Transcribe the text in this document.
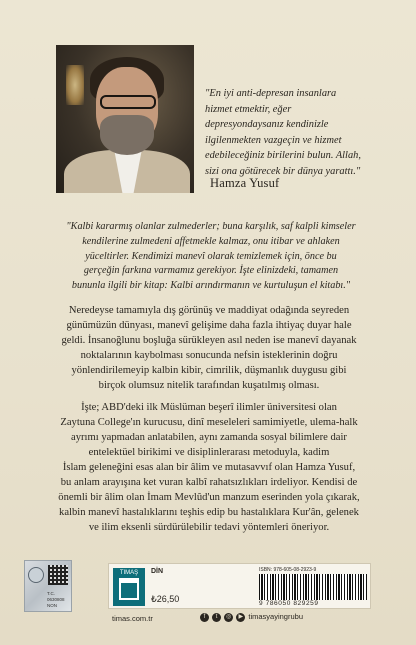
"En iyi anti-depresan insanlara
hizmet etmektir, eğer
depresyondaysanız kendinizle
ilgilenmekten vazgeçin ve hizmet
edebileceğiniz birilerini bulun. Allah,
sizi ona götürecek bir dünya yarattı."
Hamza Yusuf
"Kalbi kararmış olanlar zulmederler; buna karşılık, saf kalpli kimseler
kendilerine zulmedeni affetmekle kalmaz, onu itibar ve ahlaken
yüceltirler. Kendimizi manevî olarak temizlemek için, önce bu
gerçeğin farkına varmamız gerekiyor. İşte elinizdeki, tamamen
bununla ilgili bir kitap: Kalbi arındırmanın ve kurtuluşun el kitabı."
Neredeyse tamamıyla dış görünüş ve maddiyat odağında seyreden
günümüzün dünyası, manevî gelişime daha fazla ihtiyaç duyar hale
geldi. İnsanoğlunu boşluğa sürükleyen asıl neden ise manevî dayanak
noktalarının kaybolması sonucunda nefsin isteklerinin doğru
yönlendirilemeyip kalbin kibir, cimrilik, düşmanlık duygusu gibi
birçok olumsuz nitelik tarafından kuşatılmış olması.
İşte; ABD'deki ilk Müslüman beşerî ilimler üniversitesi olan
Zaytuna College'ın kurucusu, dinî meseleleri samimiyetle, ulema-halk
ayrımı yapmadan anlatabilen, aynı zamanda sosyal bilimlere dair
entelektüel birikimi ve disiplinlerarası metoduyla, kadim
İslam geleneğini esas alan bir âlim ve mutasavvıf olan Hamza Yusuf,
bu anlam arayışına ket vuran kalbî rahatsızlıkları irdeliyor. Kendisi de
önemli bir âlim olan İmam Mevlûd'un manzum eserinden yola çıkarak,
kalbin manevî hastalıklarını teşhis edip bu hastalıklara Kur'ân, gelenek
ve ilim eksenli sürdürülebilir tedavi yöntemleri öneriyor.
T.C.
0630808
NON
TIMAŞ	DİN
₺26,50
ISBN: 978-605-08-2923-9
9 786050 829259
timas.com.tr	f t ◎ ▶ timasyayingrubu
